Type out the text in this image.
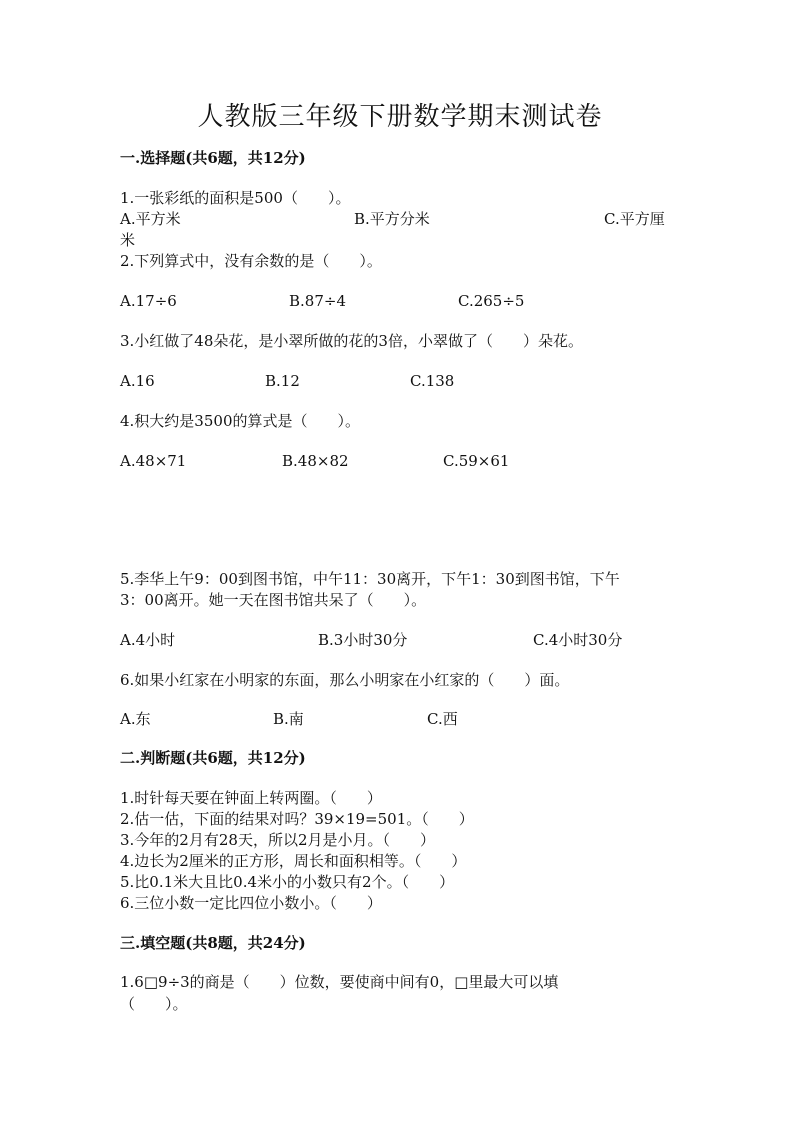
人教版三年级下册数学期末测试卷
一.选择题(共6题，共12分)
1.一张彩纸的面积是500（　　）。
A.平方米	B.平方分米	C.平方厘
米
2.下列算式中，没有余数的是（　　）。
A.17÷6	B.87÷4	C.265÷5
3.小红做了48朵花，是小翠所做的花的3倍，小翠做了（　　）朵花。
A.16	B.12	C.138
4.积大约是3500的算式是（　　）。
A.48×71	B.48×82	C.59×61
5.李华上午9：00到图书馆，中午11：30离开，下午1：30到图书馆，下午
3：00离开。她一天在图书馆共呆了（　　）。
A.4小时	B.3小时30分	C.4小时30分
6.如果小红家在小明家的东面，那么小明家在小红家的（　　）面。
A.东	B.南	C.西
二.判断题(共6题，共12分)
1.时针每天要在钟面上转两圈。（　　）
2.估一估，下面的结果对吗？39×19=501。（　　）
3.今年的2月有28天，所以2月是小月。（　　）
4.边长为2厘米的正方形，周长和面积相等。（　　）
5.比0.1米大且比0.4米小的小数只有2个。（　　）
6.三位小数一定比四位小数小。（　　）
三.填空题(共8题，共24分)
1.6□9÷3的商是（　　）位数，要使商中间有0，□里最大可以填
（　　）。
